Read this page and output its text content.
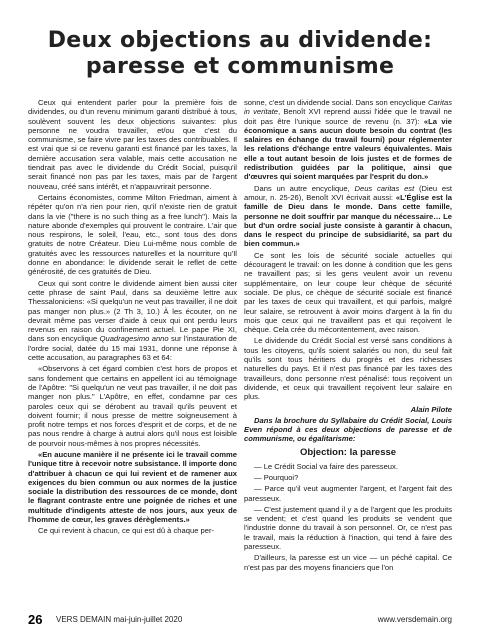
Deux objections au dividende:
paresse et communisme

Ceux qui entendent parler pour la première fois de dividendes, ou d'un revenu minimum garanti distribué à tous, soulèvent souvent les deux objections suivantes: plus personne ne voudra travailler, et/ou que c'est du communisme, se faire vivre par les taxes des contribuables. Il est vrai que si ce revenu garanti est financé par les taxes, la dernière accusation sera valable, mais cette accusation ne tiendrait pas avec le dividende du Crédit Social, puisqu'il serait financé non pas par les taxes, mais par de l'argent nouveau, créé sans intérêt, et n'appauvrirait personne.

Certains économistes, comme Milton Friedman, aiment à répéter qu'on n'a rien pour rien, qu'il n'existe rien de gratuit dans la vie ("there is no such thing as a free lunch"). Mais la nature abonde d'exemples qui prouvent le contraire. L'air que nous respirons, le soleil, l'eau, etc., sont tous des dons gratuits de notre Créateur. Dieu Lui-même nous comble de gratuités avec les ressources naturelles et la nourriture qu'Il donne en abondance: le dividende serait le reflet de cette générosité, de ces gratuités de Dieu.

Ceux qui sont contre le dividende aiment bien aussi citer cette phrase de saint Paul, dans sa deuxième lettre aux Thessaloniciens: «Si quelqu'un ne veut pas travailler, il ne doit pas manger non plus.» (2 Th 3, 10.) À les écouter, on ne devrait même pas verser d'aide à ceux qui ont perdu leurs revenus en raison du confinement actuel. Le pape Pie XI, dans son encyclique Quadragesimo anno sur l'instauration de l'ordre social, datée du 15 mai 1931, donne une réponse à cette accusation, au paragraphes 63 et 64:

«Observons à cet égard combien c'est hors de propos et sans fondement que certains en appellent ici au témoignage de l'Apôtre: "Si quelqu'un ne veut pas travailler, il ne doit pas manger non plus." L'Apôtre, en effet, condamne par ces paroles ceux qui se dérobent au travail qu'ils peuvent et doivent fournir; il nous presse de mettre soigneusement à profit notre temps et nos forces d'esprit et de corps, et de ne pas nous rendre à charge à autrui alors qu'il nous est loisible de pourvoir nous-mêmes à nos propres nécessités.

«En aucune manière il ne présente ici le travail comme l'unique titre à recevoir notre subsistance. Il importe donc d'attribuer à chacun ce qui lui revient et de ramener aux exigences du bien commun ou aux normes de la justice sociale la distribution des ressources de ce monde, dont le flagrant contraste entre une poignée de riches et une multitude d'indigents atteste de nos jours, aux yeux de l'homme de cœur, les graves dérèglements.»

Ce qui revient à chacun, ce qui est dû à chaque per-

sonne, c'est un dividende social. Dans son encyclique Caritas in veritate, Benoît XVI reprend aussi l'idée que le travail ne doit pas être l'unique source de revenu (n. 37): «La vie économique a sans aucun doute besoin du contrat (les salaires en échange du travail fourni) pour réglementer les relations d'échange entre valeurs équivalentes. Mais elle a tout autant besoin de lois justes et de formes de redistribution guidées par la politique, ainsi que d'œuvres qui soient marquées par l'esprit du don.»

Dans un autre encyclique, Deus caritas est (Dieu est amour, n. 25-26), Benoît XVI écrivait aussi: «L'Église est la famille de Dieu dans le monde. Dans cette famille, personne ne doit souffrir par manque du nécessaire… Le but d'un ordre social juste consiste à garantir à chacun, dans le respect du principe de subsidiarité, sa part du bien commun.»

Ce sont les lois de sécurité sociale actuelles qui découragent le travail: on les donne à condition que les gens ne travaillent pas; si les gens veulent avoir un revenu supplémentaire, on leur coupe leur chèque de sécurité sociale. De plus, ce chèque de sécurité sociale est financé par les taxes de ceux qui travaillent, et qui parfois, malgré leur salaire, se retrouvent à avoir moins d'argent à la fin du mois que ceux qui ne travaillent pas et qui reçoivent le chèque. Cela crée du mécontentement, avec raison.

Le dividende du Crédit Social est versé sans conditions à tous les citoyens, qu'ils soient salariés ou non, du seul fait qu'ils sont tous héritiers du progrès et des richesses naturelles du pays. Et il n'est pas financé par les taxes des travailleurs, donc personne n'est pénalisé: tous reçoivent un dividende, et ceux qui travaillent reçoivent leur salaire en plus.

Alain Pilote

Dans la brochure du Syllabaire du Crédit Social, Louis Even répond à ces deux objections de paresse et de communisme, ou égalitarisme:

Objection: la paresse

— Le Crédit Social va faire des paresseux.

— Pourquoi?

— Parce qu'il veut augmenter l'argent, et l'argent fait des paresseux.

— C'est justement quand il y a de l'argent que les produits se vendent; et c'est quand les produits se vendent que l'industrie donne du travail à son personnel. Or, ce n'est pas le travail, mais la réduction à l'inaction, qui tend à faire des paresseux.

D'ailleurs, la paresse est un vice — un péché capital. Ce n'est pas par des moyens financiers que l'on

26 VERS DEMAIN mai-juin-juillet 2020	www.versdemain.org
